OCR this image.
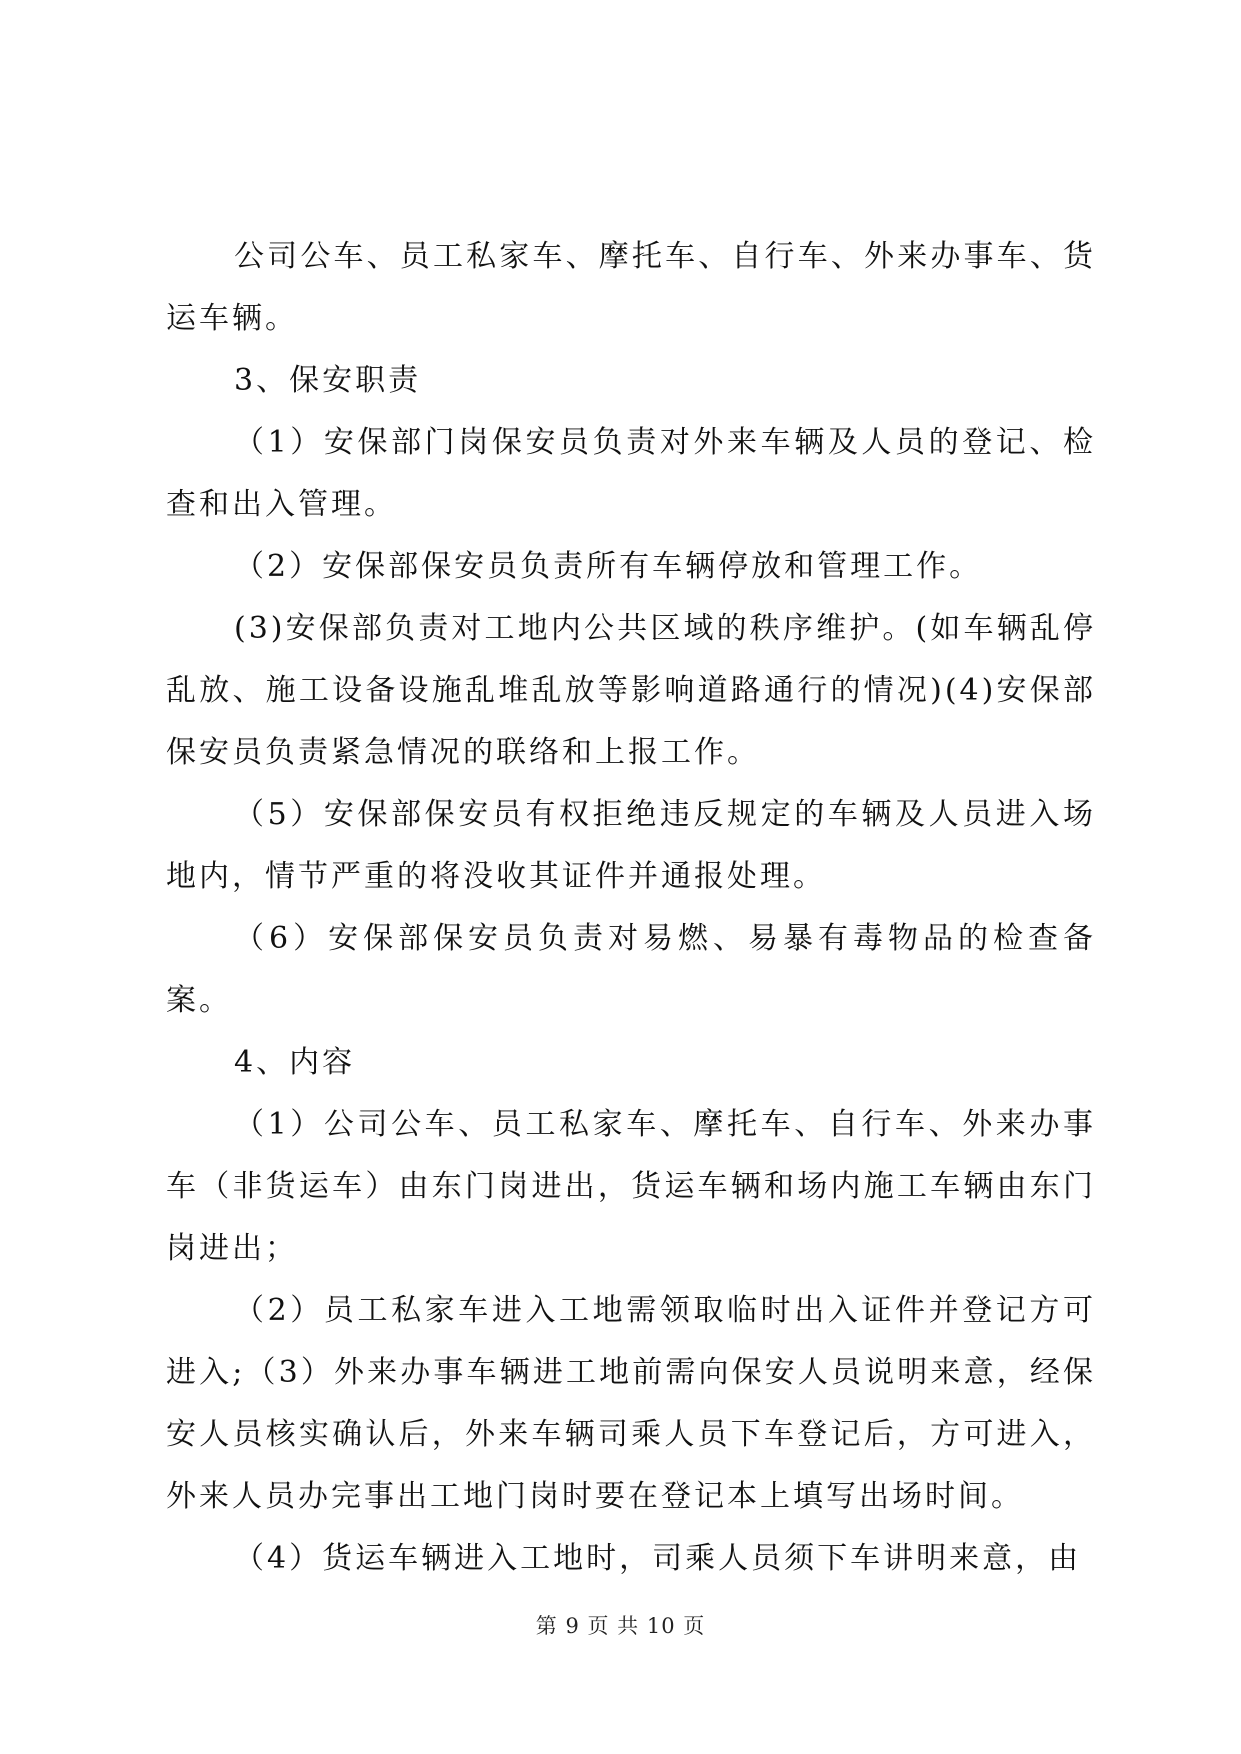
公司公车、员工私家车、摩托车、自行车、外来办事车、货运车辆。

3、保安职责

（1）安保部门岗保安员负责对外来车辆及人员的登记、检查和出入管理。

（2）安保部保安员负责所有车辆停放和管理工作。

(3)安保部负责对工地内公共区域的秩序维护。(如车辆乱停乱放、施工设备设施乱堆乱放等影响道路通行的情况)(4)安保部保安员负责紧急情况的联络和上报工作。

（5）安保部保安员有权拒绝违反规定的车辆及人员进入场地内，情节严重的将没收其证件并通报处理。

（6）安保部保安员负责对易燃、易暴有毒物品的检查备案。

4、内容

（1）公司公车、员工私家车、摩托车、自行车、外来办事车（非货运车）由东门岗进出，货运车辆和场内施工车辆由东门岗进出；

（2）员工私家车进入工地需领取临时出入证件并登记方可进入;（3）外来办事车辆进工地前需向保安人员说明来意，经保安人员核实确认后，外来车辆司乘人员下车登记后，方可进入，外来人员办完事出工地门岗时要在登记本上填写出场时间。

（4）货运车辆进入工地时，司乘人员须下车讲明来意，由

第 9 页 共 10 页
